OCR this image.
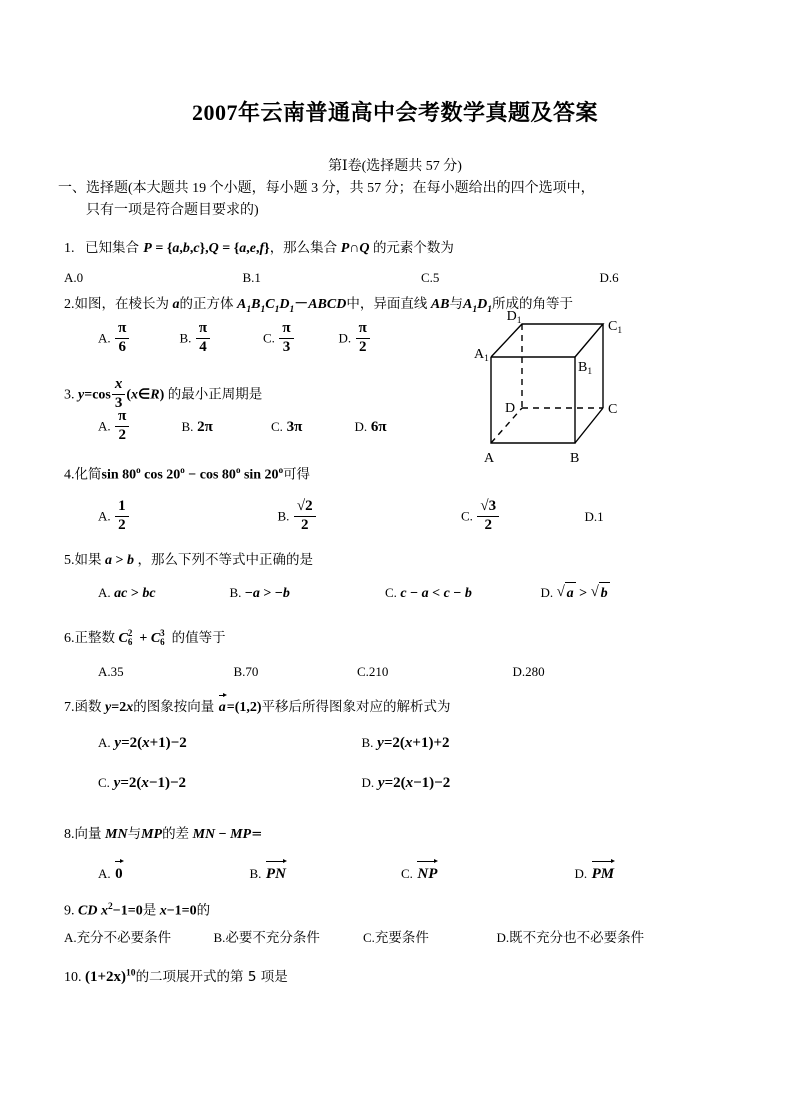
2007年云南普通高中会考数学真题及答案
第Ⅰ卷(选择题共 57 分)
一、选择题(本大题共 19 个小题，每小题 3 分，共 57 分；在每小题给出的四个选项中，
只有一项是符合题目要求的)
1. 已知集合 P = {a,b,c},Q = {a,e,f}，那么集合 P∩Q 的元素个数为
A.0	B.1	C.5	D.6
2.如图，在棱长为 a的正方体 $A_1B_1C_1D_1-ABCD$中，异面直线 AB与$A_1D_1$所成的角等于
A. $\frac{\pi}{6}$	B. $\frac{\pi}{4}$	C. $\frac{\pi}{3}$	D. $\frac{\pi}{2}$
$D_1$	$C_1$
$A_1$
$B_1$
D	C
A	B
3. $y=\cos \frac{x}{3}$ (x∈R) 的最小正周期是
A. $\frac{\pi}{2}$	B. 2π	C. 3π	D. 6π
4.化简sin 80$^o$ $\cos 20^o - \cos 80^o$ sin 20$^o$可得
A. $\frac{1}{2}$	B. $\frac{√2}{2}$	C. $\frac{√3}{2}$	D.1
5.如果 a > b ，那么下列不等式中正确的是
A. ac > bc	B. −a > −b	C. c − a < c − b	D. √ a > √ b
6.正整数 C 2
6 + C 3
6 的值等于
A.35	B.70	C.210	D.280
7.函数 y=2x的图象按向量 a=(1,2)平移后所得图象对应的解析式为
A. y=2(x+1)−2	B. y=2(x+1)+2
C. y=2(x−1)−2	D. y=2(x−1)−2
8.向量 MN与MP的差 MN − MP=
A. 0	B. PN	C. NP	D. PM
9. CD $x^2-1=0$是 x−1=0的
A.充分不必要条件	B.必要不充分条件	C.充要条件	D.既不充分也不必要条件
10. $(1+2x)^{10}$的二项展开式的第 5 项是
